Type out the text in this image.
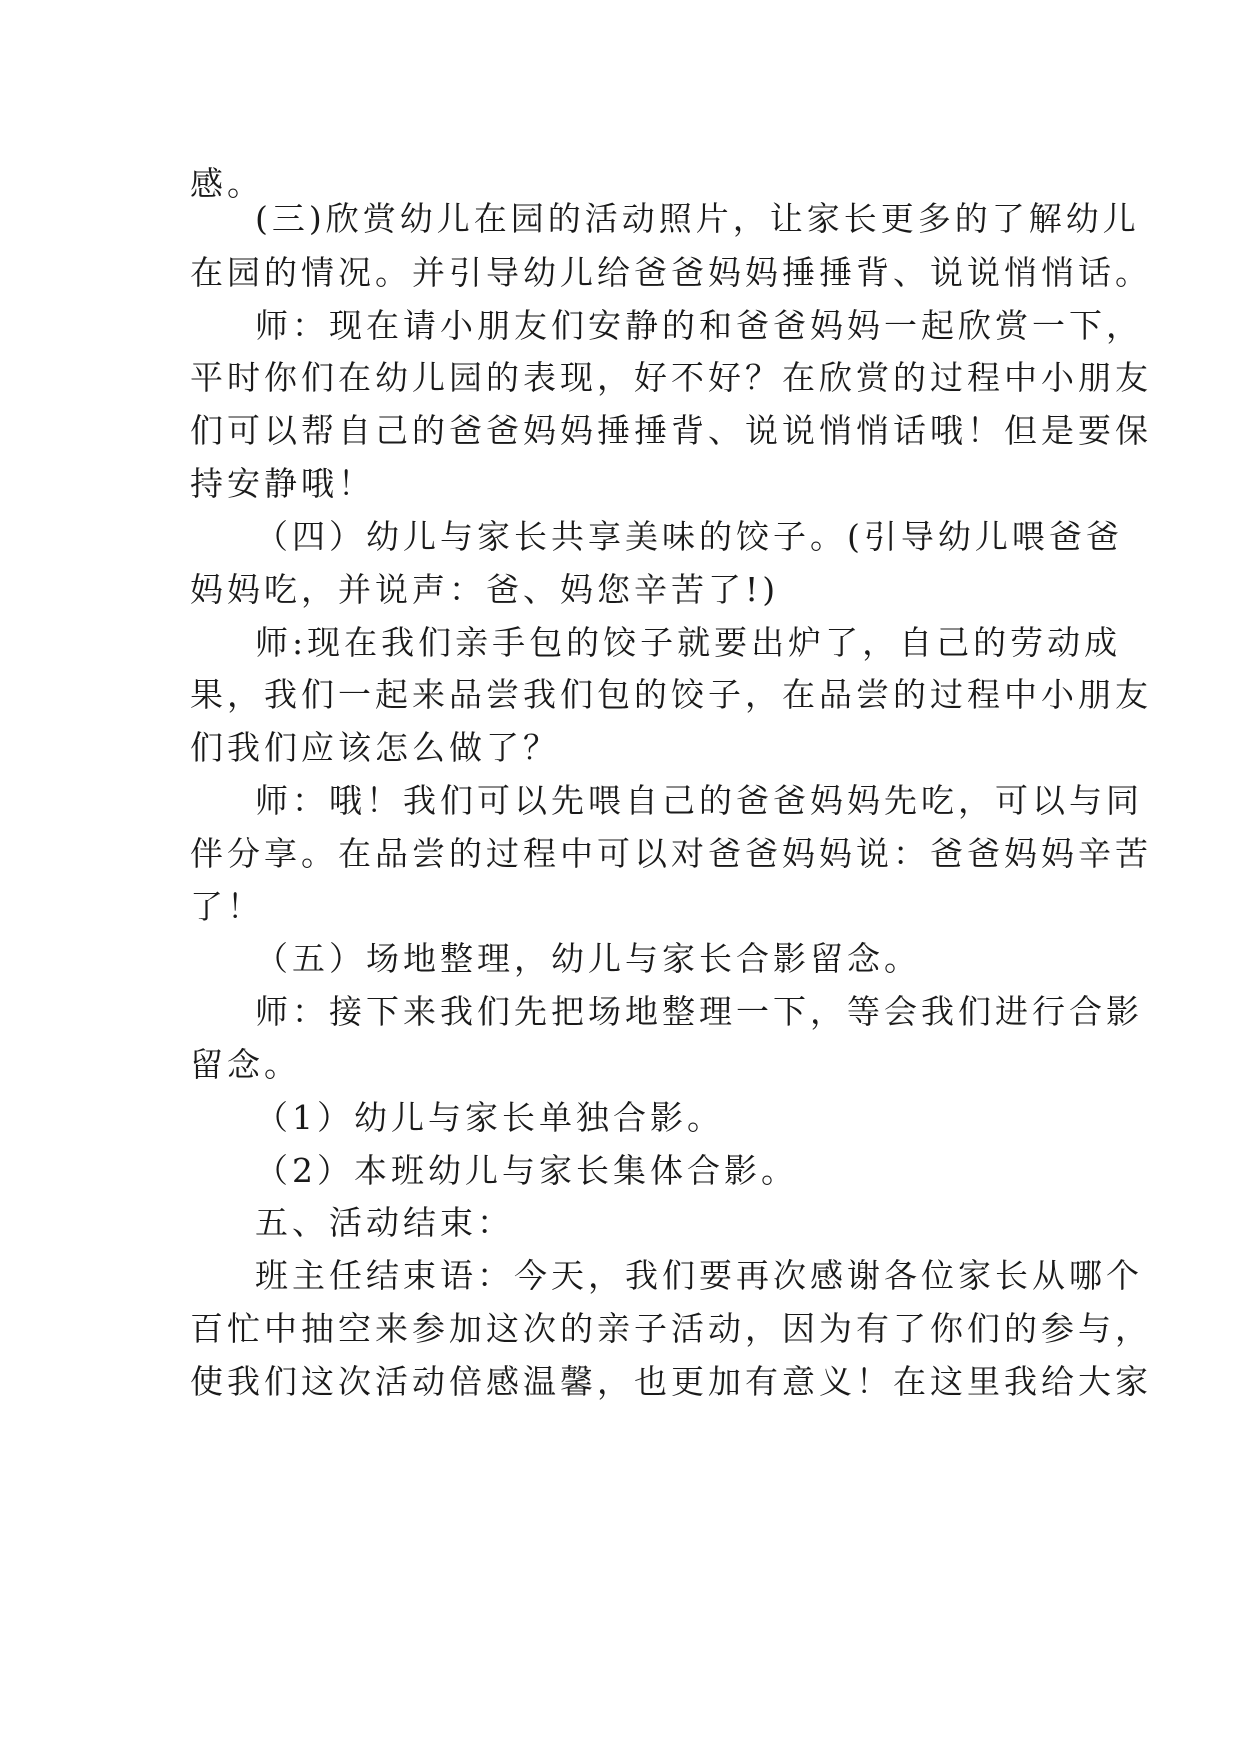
感。
(三)欣赏幼儿在园的活动照片，让家长更多的了解幼儿
在园的情况。并引导幼儿给爸爸妈妈捶捶背、说说悄悄话。
师：现在请小朋友们安静的和爸爸妈妈一起欣赏一下，
平时你们在幼儿园的表现，好不好？在欣赏的过程中小朋友
们可以帮自己的爸爸妈妈捶捶背、说说悄悄话哦！但是要保
持安静哦！
（四）幼儿与家长共享美味的饺子。(引导幼儿喂爸爸
妈妈吃，并说声：爸、妈您辛苦了!)
师:现在我们亲手包的饺子就要出炉了，自己的劳动成
果，我们一起来品尝我们包的饺子，在品尝的过程中小朋友
们我们应该怎么做了？
师：哦！我们可以先喂自己的爸爸妈妈先吃，可以与同
伴分享。在品尝的过程中可以对爸爸妈妈说：爸爸妈妈辛苦
了！
（五）场地整理，幼儿与家长合影留念。
师：接下来我们先把场地整理一下，等会我们进行合影
留念。
（1）幼儿与家长单独合影。
（2）本班幼儿与家长集体合影。
五、活动结束：
班主任结束语：今天，我们要再次感谢各位家长从哪个
百忙中抽空来参加这次的亲子活动，因为有了你们的参与，
使我们这次活动倍感温馨，也更加有意义！在这里我给大家
